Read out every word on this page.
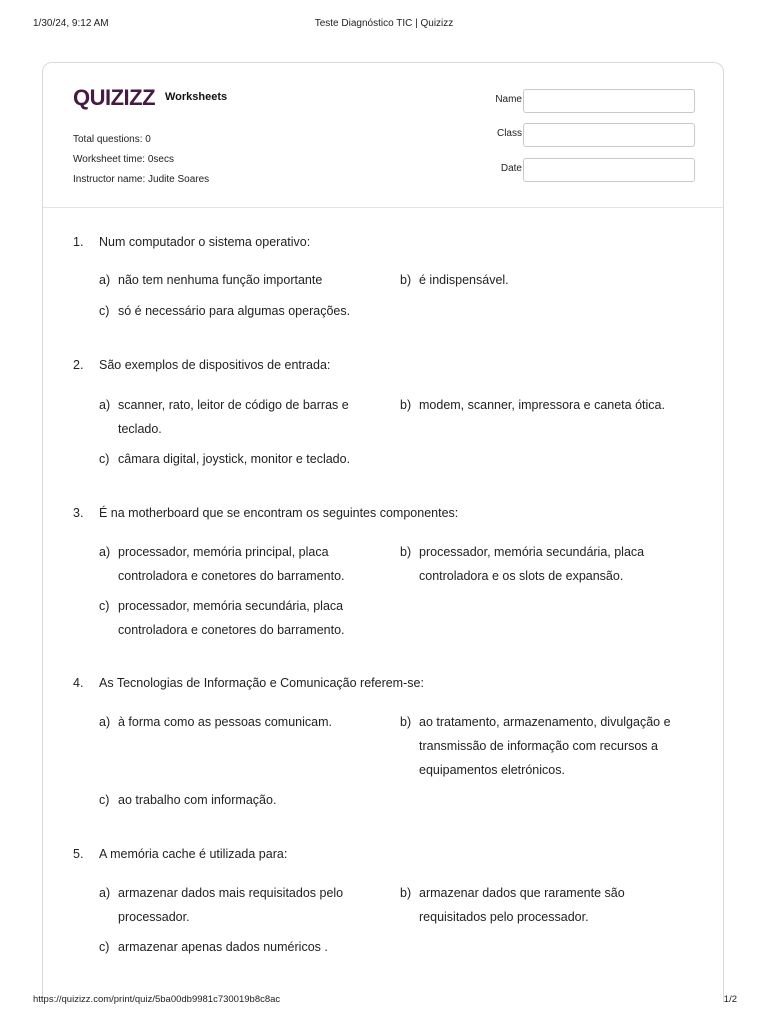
1/30/24, 9:12 AM	Teste Diagnóstico TIC | Quizizz
QUIZIZZ Worksheets
Total questions: 0
Worksheet time: 0secs
Instructor name: Judite Soares
Name
Class
Date
1. Num computador o sistema operativo:
a) não tem nenhuma função importante	b) é indispensável.
c) só é necessário para algumas operações.
2. São exemplos de dispositivos de entrada:
a) scanner, rato, leitor de código de barras e teclado.
b) modem, scanner, impressora e caneta ótica.
c) câmara digital, joystick, monitor e teclado.
3. É na motherboard que se encontram os seguintes componentes:
a) processador, memória principal, placa controladora e conetores do barramento.
b) processador, memória secundária, placa controladora e os slots de expansão.
c) processador, memória secundária, placa controladora e conetores do barramento.
4. As Tecnologias de Informação e Comunicação referem-se:
a) à forma como as pessoas comunicam.	b) ao tratamento, armazenamento, divulgação e transmissão de informação com recursos a equipamentos eletrónicos.
c) ao trabalho com informação.
5. A memória cache é utilizada para:
a) armazenar dados mais requisitados pelo processador.
b) armazenar dados que raramente são requisitados pelo processador.
c) armazenar apenas dados numéricos .
https://quizizz.com/print/quiz/5ba00db9981c730019b8c8ac	1/2
